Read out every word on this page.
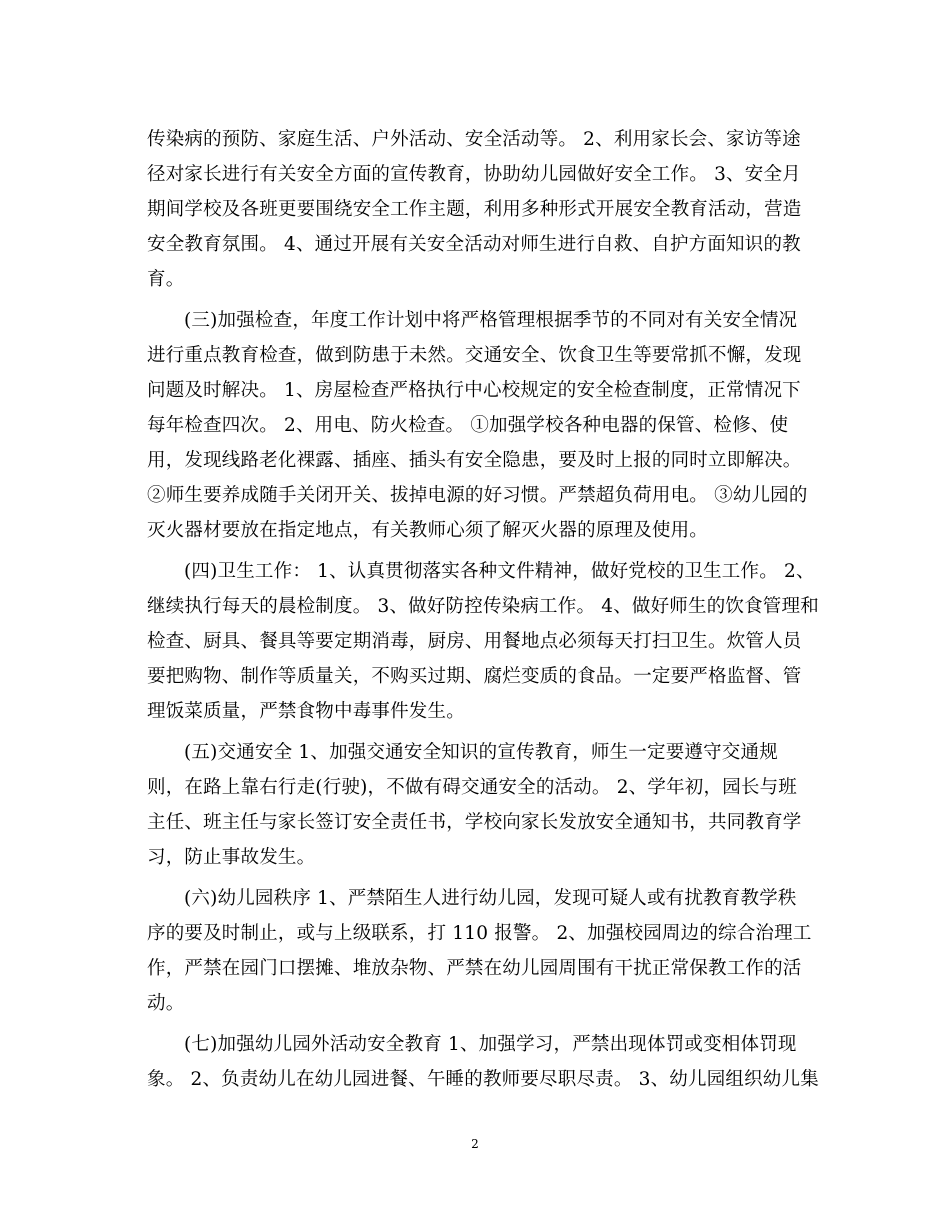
传染病的预防、家庭生活、户外活动、安全活动等。 2、利用家长会、家访等途
径对家长进行有关安全方面的宣传教育，协助幼儿园做好安全工作。 3、安全月
期间学校及各班更要围绕安全工作主题，利用多种形式开展安全教育活动，营造
安全教育氛围。 4、通过开展有关安全活动对师生进行自救、自护方面知识的教
育。
(三)加强检查，年度工作计划中将严格管理根据季节的不同对有关安全情况
进行重点教育检查，做到防患于未然。交通安全、饮食卫生等要常抓不懈，发现
问题及时解决。 1、房屋检查严格执行中心校规定的安全检查制度，正常情况下
每年检查四次。 2、用电、防火检查。 ①加强学校各种电器的保管、检修、使
用，发现线路老化裸露、插座、插头有安全隐患，要及时上报的同时立即解决。
②师生要养成随手关闭开关、拔掉电源的好习惯。严禁超负荷用电。 ③幼儿园的
灭火器材要放在指定地点，有关教师心须了解灭火器的原理及使用。
(四)卫生工作： 1、认真贯彻落实各种文件精神，做好党校的卫生工作。 2、
继续执行每天的晨检制度。 3、做好防控传染病工作。 4、做好师生的饮食管理和
检查、厨具、餐具等要定期消毒，厨房、用餐地点必须每天打扫卫生。炊管人员
要把购物、制作等质量关，不购买过期、腐烂变质的食品。一定要严格监督、管
理饭菜质量，严禁食物中毒事件发生。
(五)交通安全 1、加强交通安全知识的宣传教育，师生一定要遵守交通规
则，在路上靠右行走(行驶)，不做有碍交通安全的活动。 2、学年初，园长与班
主任、班主任与家长签订安全责任书，学校向家长发放安全通知书，共同教育学
习，防止事故发生。
(六)幼儿园秩序 1、严禁陌生人进行幼儿园，发现可疑人或有扰教育教学秩
序的要及时制止，或与上级联系，打 110 报警。 2、加强校园周边的综合治理工
作，严禁在园门口摆摊、堆放杂物、严禁在幼儿园周围有干扰正常保教工作的活
动。
(七)加强幼儿园外活动安全教育 1、加强学习，严禁出现体罚或变相体罚现
象。 2、负责幼儿在幼儿园进餐、午睡的教师要尽职尽责。 3、幼儿园组织幼儿集
2
